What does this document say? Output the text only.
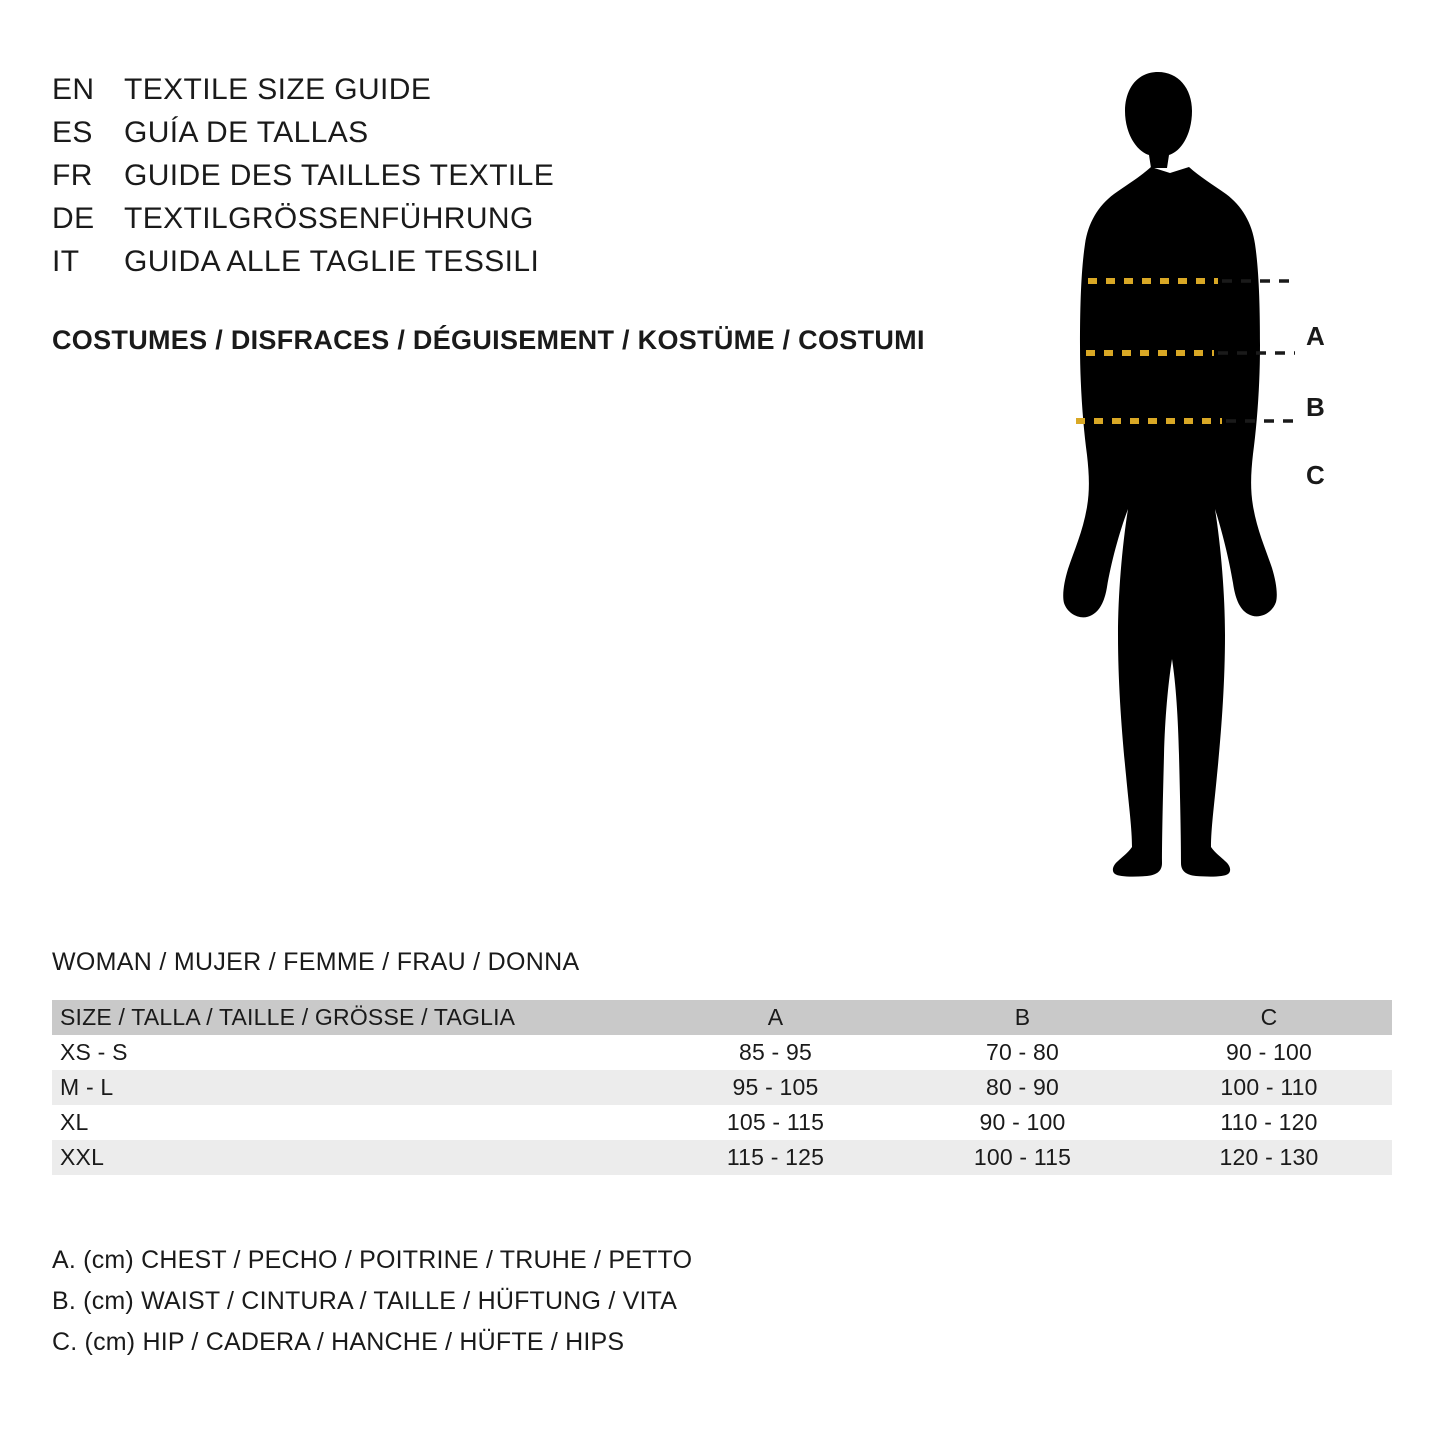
EN TEXTILE SIZE GUIDE
ES	GUÍA DE TALLAS
FR	GUIDE DES TAILLES TEXTILE
DE TEXTILGRÖSSENFÜHRUNG
IT	GUIDA ALLE TAGLIE TESSILI
COSTUMES / DISFRACES / DÉGUISEMENT / KOSTÜME / COSTUMI	A
B
C
WOMAN / MUJER / FEMME / FRAU / DONNA
SIZE / TALLA / TAILLE / GRÖSSE / TAGLIA	A	B	C
XS - S	85 - 95	70 - 80	90 - 100
M - L	95 - 105	80 - 90	100 - 110
XL	105 - 115	90 - 100	110 - 120
XXL	115 - 125	100 - 115	120 - 130
A. (cm) CHEST / PECHO / POITRINE / TRUHE / PETTO
B. (cm) WAIST / CINTURA / TAILLE / HÜFTUNG / VITA
C. (cm) HIP / CADERA / HANCHE / HÜFTE / HIPS
